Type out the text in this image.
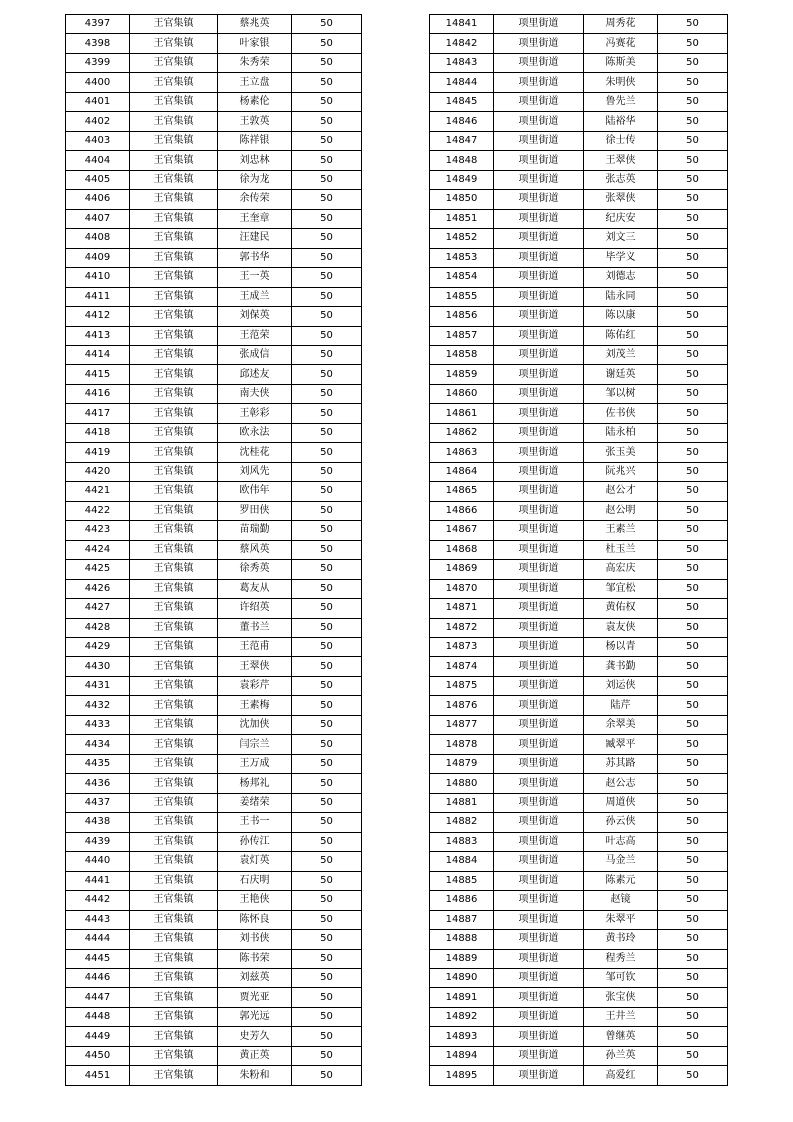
4397	王官集镇	蔡兆英	50
4398	王官集镇	叶家银	50
4399	王官集镇	朱秀荣	50
4400	王官集镇	王立盘	50
4401	王官集镇	杨素伦	50
4402	王官集镇	王敦英	50
4403	王官集镇	陈祥银	50
4404	王官集镇	刘忠林	50
4405	王官集镇	徐为龙	50
4406	王官集镇	余传荣	50
4407	王官集镇	王奎章	50
4408	王官集镇	汪建民	50
4409	王官集镇	郭书华	50
4410	王官集镇	王一英	50
4411	王官集镇	王成兰	50
4412	王官集镇	刘保英	50
4413	王官集镇	王范荣	50
4414	王官集镇	张成信	50
4415	王官集镇	邱述友	50
4416	王官集镇	南夫侠	50
4417	王官集镇	王彰彩	50
4418	王官集镇	欧永法	50
4419	王官集镇	沈桂花	50
4420	王官集镇	刘风先	50
4421	王官集镇	欧伟年	50
4422	王官集镇	罗田侠	50
4423	王官集镇	苗瑞勤	50
4424	王官集镇	蔡风英	50
4425	王官集镇	徐秀英	50
4426	王官集镇	葛友从	50
4427	王官集镇	许绍英	50
4428	王官集镇	董书兰	50
4429	王官集镇	王范甫	50
4430	王官集镇	王翠侠	50
4431	王官集镇	袁彩芹	50
4432	王官集镇	王素梅	50
4433	王官集镇	沈加侠	50
4434	王官集镇	闫宗兰	50
4435	王官集镇	王万成	50
4436	王官集镇	杨邦礼	50
4437	王官集镇	姜绪荣	50
4438	王官集镇	王书一	50
4439	王官集镇	孙传江	50
4440	王官集镇	袁灯英	50
4441	王官集镇	石庆明	50
4442	王官集镇	王艳侠	50
4443	王官集镇	陈怀良	50
4444	王官集镇	刘书侠	50
4445	王官集镇	陈书荣	50
4446	王官集镇	刘兹英	50
4447	王官集镇	贾光亚	50
4448	王官集镇	郭光远	50
4449	王官集镇	史芳久	50
4450	王官集镇	黄正英	50
4451	王官集镇	朱粉和	50
14841	项里街道	周秀花	50
14842	项里街道	冯赛花	50
14843	项里街道	陈斯美	50
14844	项里街道	朱明侠	50
14845	项里街道	鲁先兰	50
14846	项里街道	陆裕华	50
14847	项里街道	徐士传	50
14848	项里街道	王翠侠	50
14849	项里街道	张志英	50
14850	项里街道	张翠侠	50
14851	项里街道	纪庆安	50
14852	项里街道	刘文三	50
14853	项里街道	毕学义	50
14854	项里街道	刘德志	50
14855	项里街道	陆永同	50
14856	项里街道	陈以康	50
14857	项里街道	陈佑红	50
14858	项里街道	刘茂兰	50
14859	项里街道	谢廷英	50
14860	项里街道	邹以树	50
14861	项里街道	佐书侠	50
14862	项里街道	陆永柏	50
14863	项里街道	张玉美	50
14864	项里街道	阮兆兴	50
14865	项里街道	赵公才	50
14866	项里街道	赵公明	50
14867	项里街道	王素兰	50
14868	项里街道	杜玉兰	50
14869	项里街道	高宏庆	50
14870	项里街道	邹宜松	50
14871	项里街道	黄佑权	50
14872	项里街道	袁友侠	50
14873	项里街道	杨以青	50
14874	项里街道	龚书勤	50
14875	项里街道	刘运侠	50
14876	项里街道	陆芹	50
14877	项里街道	余翠美	50
14878	项里街道	臧翠平	50
14879	项里街道	苏其路	50
14880	项里街道	赵公志	50
14881	项里街道	周道侠	50
14882	项里街道	孙云侠	50
14883	项里街道	叶志高	50
14884	项里街道	马金兰	50
14885	项里街道	陈素元	50
14886	项里街道	赵镜	50
14887	项里街道	朱翠平	50
14888	项里街道	黄书玲	50
14889	项里街道	程秀兰	50
14890	项里街道	邹可钦	50
14891	项里街道	张宝侠	50
14892	项里街道	王井兰	50
14893	项里街道	曾继英	50
14894	项里街道	孙兰英	50
14895	项里街道	高爱红	50
